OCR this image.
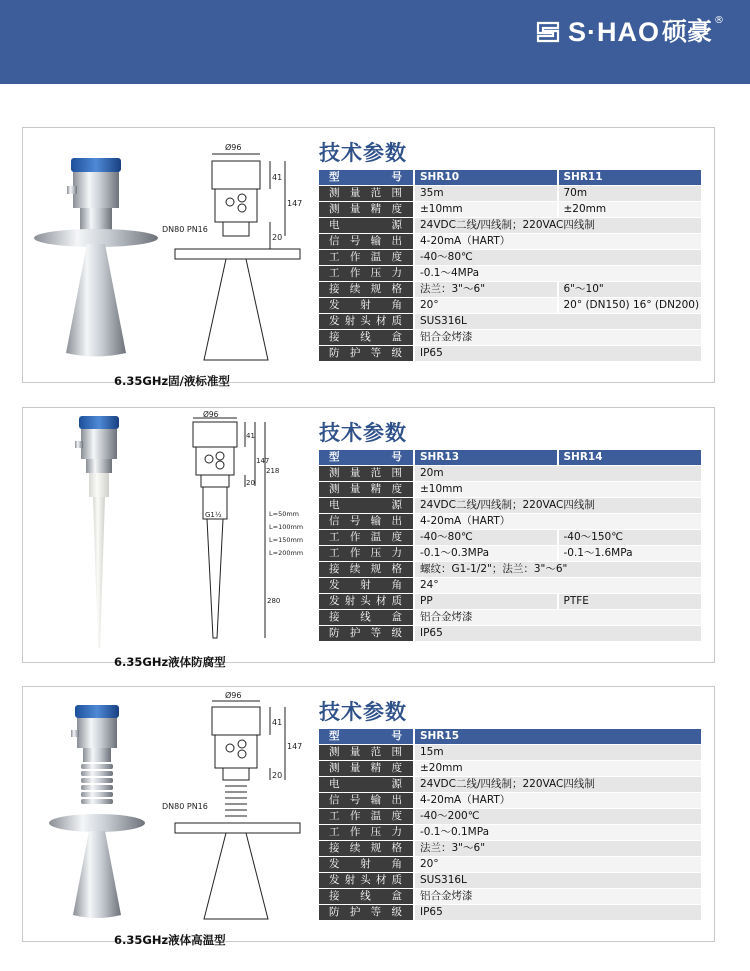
S·HAO 硕豪 ®
Ø96
41
147
20
DN80 PN16
6.35GHz固/液标准型
技术参数
型号	SHR10	SHR11
测量范围	35m	70m
测量精度	±10mm	±20mm
电源	24VDC二线/四线制；220VAC四线制	
信号输出	4-20mA（HART）	
工作温度	-40～80℃	
工作压力	-0.1～4MPa	
接续规格	法兰：3"～6"	6"～10"
发射角	20°	20° (DN150) 16° (DN200)
发射头材质	SUS316L	
接线盒	铝合金烤漆	
防护等级	IP65	
Ø96
41
147
218
20
G1½
280
L=50mm
L=100mm
L=150mm
L=200mm
6.35GHz液体防腐型
技术参数
型号	SHR13	SHR14
测量范围	20m	
测量精度	±10mm	
电源	24VDC二线/四线制；220VAC四线制	
信号输出	4-20mA（HART）	
工作温度	-40～80℃	-40～150℃
工作压力	-0.1～0.3MPa	-0.1～1.6MPa
接续规格	螺纹：G1-1/2"；法兰：3"～6"	
发射角	24°	
发射头材质	PP	PTFE
接线盒	铝合金烤漆	
防护等级	IP65	
Ø96
41
147
20
DN80 PN16
6.35GHz液体高温型
技术参数
型号	SHR15
测量范围	15m
测量精度	±20mm
电源	24VDC二线/四线制；220VAC四线制
信号输出	4-20mA（HART）
工作温度	-40～200℃
工作压力	-0.1～0.1MPa
接续规格	法兰：3"～6"
发射角	20°
发射头材质	SUS316L
接线盒	铝合金烤漆
防护等级	IP65
